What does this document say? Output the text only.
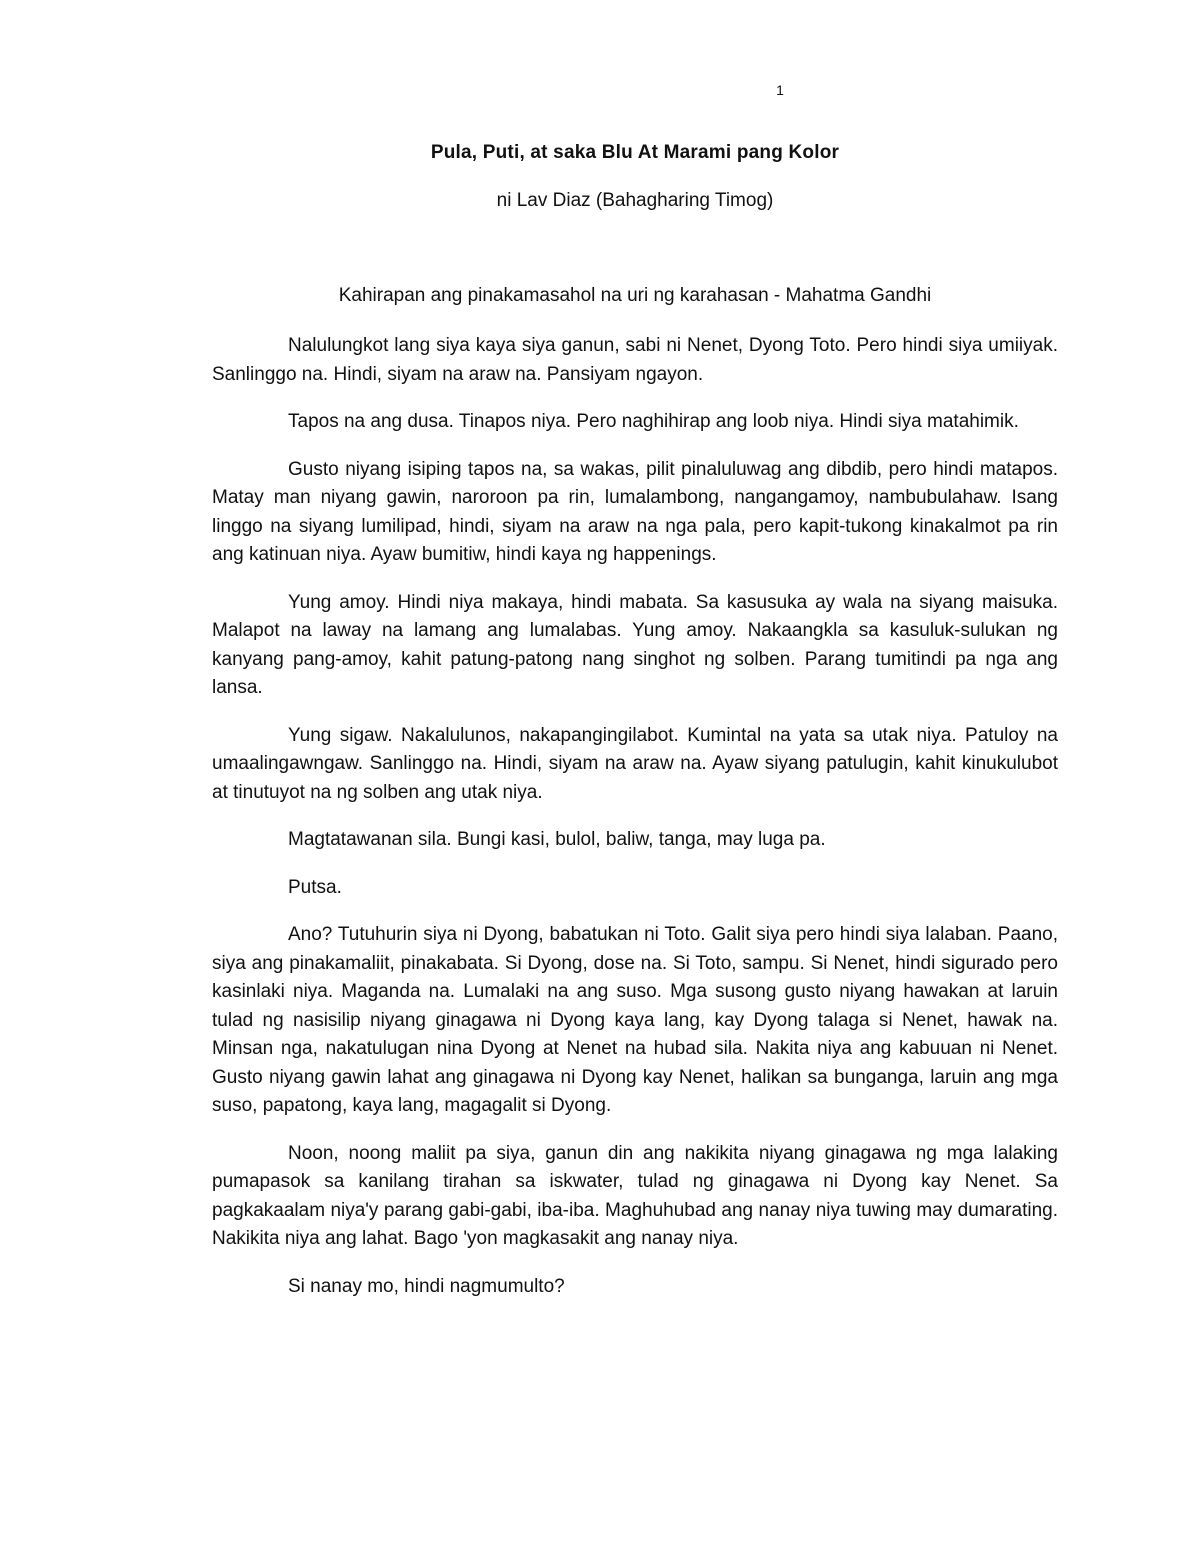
1
Pula, Puti, at saka Blu At Marami pang Kolor
ni Lav Diaz (Bahagharing Timog)
Kahirapan ang pinakamasahol na uri ng karahasan - Mahatma Gandhi

Nalulungkot lang siya kaya siya ganun, sabi ni Nenet, Dyong Toto. Pero hindi siya umiiyak. Sanlinggo na. Hindi, siyam na araw na. Pansiyam ngayon.

Tapos na ang dusa. Tinapos niya. Pero naghihirap ang loob niya. Hindi siya matahimik.

Gusto niyang isiping tapos na, sa wakas, pilit pinaluluwag ang dibdib, pero hindi matapos. Matay man niyang gawin, naroroon pa rin, lumalambong, nangangamoy, nambubulahaw. Isang linggo na siyang lumilipad, hindi, siyam na araw na nga pala, pero kapit-tukong kinakalmot pa rin ang katinuan niya. Ayaw bumitiw, hindi kaya ng happenings.

Yung amoy. Hindi niya makaya, hindi mabata. Sa kasusuka ay wala na siyang maisuka. Malapot na laway na lamang ang lumalabas. Yung amoy. Nakaangkla sa kasuluk-sulukan ng kanyang pang-amoy, kahit patung-patong nang singhot ng solben. Parang tumitindi pa nga ang lansa.

Yung sigaw. Nakalulunos, nakapangingilabot. Kumintal na yata sa utak niya. Patuloy na umaalingawngaw. Sanlinggo na. Hindi, siyam na araw na. Ayaw siyang patulugin, kahit kinukulubot at tinutuyot na ng solben ang utak niya.

Magtatawanan sila. Bungi kasi, bulol, baliw, tanga, may luga pa.

Putsa.

Ano? Tutuhurin siya ni Dyong, babatukan ni Toto. Galit siya pero hindi siya lalaban. Paano, siya ang pinakamaliit, pinakabata. Si Dyong, dose na. Si Toto, sampu. Si Nenet, hindi sigurado pero kasinlaki niya. Maganda na. Lumalaki na ang suso. Mga susong gusto niyang hawakan at laruin tulad ng nasisilip niyang ginagawa ni Dyong kaya lang, kay Dyong talaga si Nenet, hawak na. Minsan nga, nakatulugan nina Dyong at Nenet na hubad sila. Nakita niya ang kabuuan ni Nenet. Gusto niyang gawin lahat ang ginagawa ni Dyong kay Nenet, halikan sa bunganga, laruin ang mga suso, papatong, kaya lang, magagalit si Dyong.

Noon, noong maliit pa siya, ganun din ang nakikita niyang ginagawa ng mga lalaking pumapasok sa kanilang tirahan sa iskwater, tulad ng ginagawa ni Dyong kay Nenet. Sa pagkakaalam niya'y parang gabi-gabi, iba-iba. Maghuhubad ang nanay niya tuwing may dumarating. Nakikita niya ang lahat. Bago 'yon magkasakit ang nanay niya.

Si nanay mo, hindi nagmumulto?
